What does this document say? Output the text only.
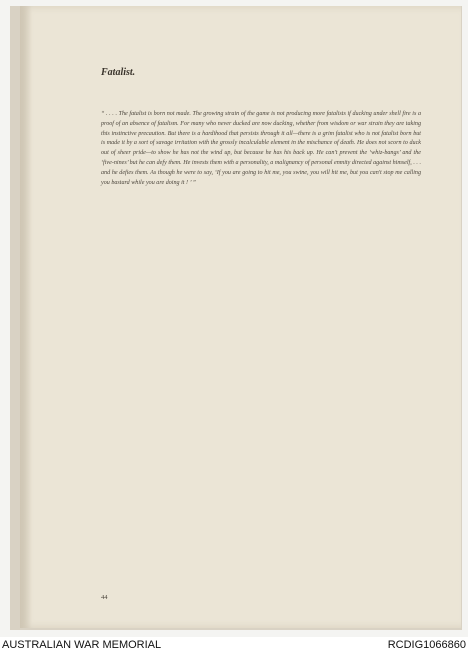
Fatalist.

“ . . . . The fatalist is born not made. The growing strain of the game is not producing more fatalists if ducking under shell fire is a proof of an absence of fatalism. For many who never ducked are now ducking, whether from wisdom or war strain they are taking this instinctive precaution. But there is a hardihood that persists through it all—there is a grim fatalist who is not fatalist born but is made it by a sort of savage irritation with the grossly incalculable element in the mischance of death. He does not scorn to duck out of sheer pride—to show he has not the wind up, but because he has his back up. He can't prevent the ‘whiz-bangs’ and the ‘five-nines’ but he can defy them. He invests them with a personality, a malignancy of personal enmity directed against himself, . . . and he defies them. As though he were to say, ‘If you are going to hit me, you swine, you will hit me, but you can't stop me calling you bastard while you are doing it ! ’ ”

44
AUSTRALIAN WAR MEMORIAL	RCDIG1066860
